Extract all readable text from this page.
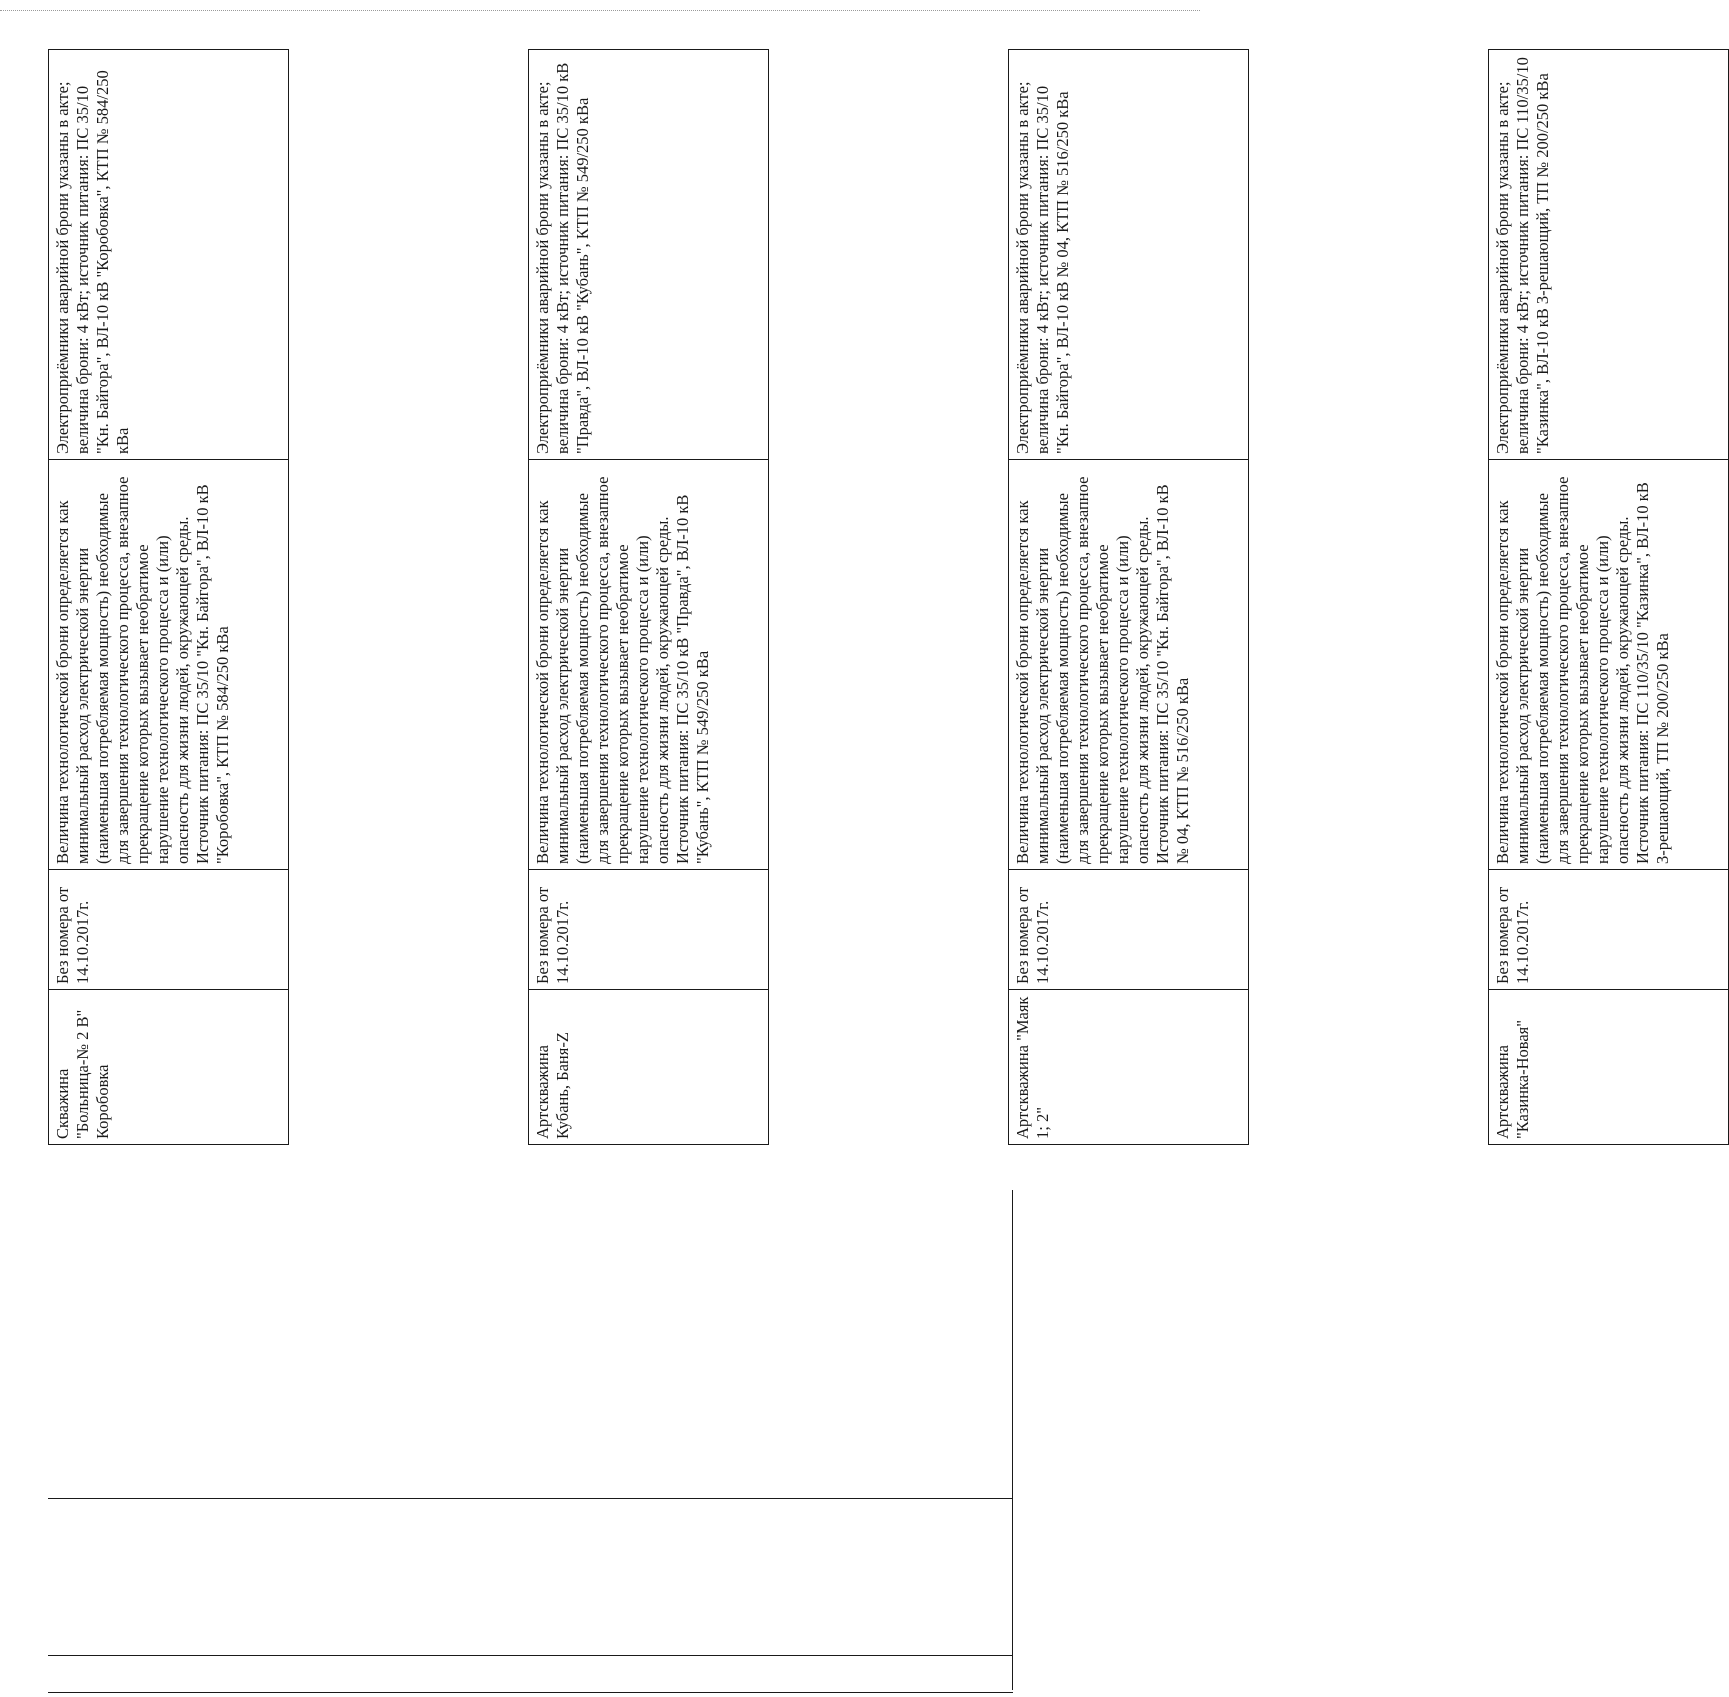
Скважина "Больница-№ 2 В" Коробовка	Без номера от 14.10.2017г.	Величина технологической брони определяется как минимальный расход электрической энергии (наименьшая потребляемая мощность) необходимые для завершения технологического процесса, внезапное прекращение которых вызывает необратимое нарушение технологического процесса и (или) опасность для жизни людей, окружающей среды. Источник питания: ПС 35/10 "Кн. Байгора", ВЛ-10 кВ "Коробовка", КТП № 584/250 кВа	Электроприёмники аварийной брони указаны в акте; величина брони: 4 кВт; источник питания: ПС 35/10 "Кн. Байгора", ВЛ-10 кВ "Коробовка", КТП № 584/250 кВа

Артскважина Кубань, Баня-Z	Без номера от 14.10.2017г.	Величина технологической брони определяется как минимальный расход электрической энергии (наименьшая потребляемая мощность) необходимые для завершения технологического процесса, внезапное прекращение которых вызывает необратимое нарушение технологического процесса и (или) опасность для жизни людей, окружающей среды. Источник питания: ПС 35/10 кВ "Правда", ВЛ-10 кВ "Кубань", КТП № 549/250 кВа	Электроприёмники аварийной брони указаны в акте; величина брони: 4 кВт; источник питания: ПС 35/10 кВ "Правда", ВЛ-10 кВ "Кубань", КТП № 549/250 кВа

Артскважина "Маяк 1; 2"	Без номера от 14.10.2017г.	Величина технологической брони определяется как минимальный расход электрической энергии (наименьшая потребляемая мощность) необходимые для завершения технологического процесса, внезапное прекращение которых вызывает необратимое нарушение технологического процесса и (или) опасность для жизни людей, окружающей среды. Источник питания: ПС 35/10 "Кн. Байгора", ВЛ-10 кВ № 04, КТП № 516/250 кВа	Электроприёмники аварийной брони указаны в акте; величина брони: 4 кВт; источник питания: ПС 35/10 "Кн. Байгора", ВЛ-10 кВ № 04, КТП № 516/250 кВа

Артскважина "Казинка-Новая"	Без номера от 14.10.2017г.	Величина технологической брони определяется как минимальный расход электрической энергии (наименьшая потребляемая мощность) необходимые для завершения технологического процесса, внезапное прекращение которых вызывает необратимое нарушение технологического процесса и (или) опасность для жизни людей, окружающей среды. Источник питания: ПС 110/35/10 "Казинка", ВЛ-10 кВ 3-решающий, ТП № 200/250 кВа	Электроприёмники аварийной брони указаны в акте; величина брони: 4 кВт; источник питания: ПС 110/35/10 "Казинка", ВЛ-10 кВ 3-решающий, ТП № 200/250 кВа
